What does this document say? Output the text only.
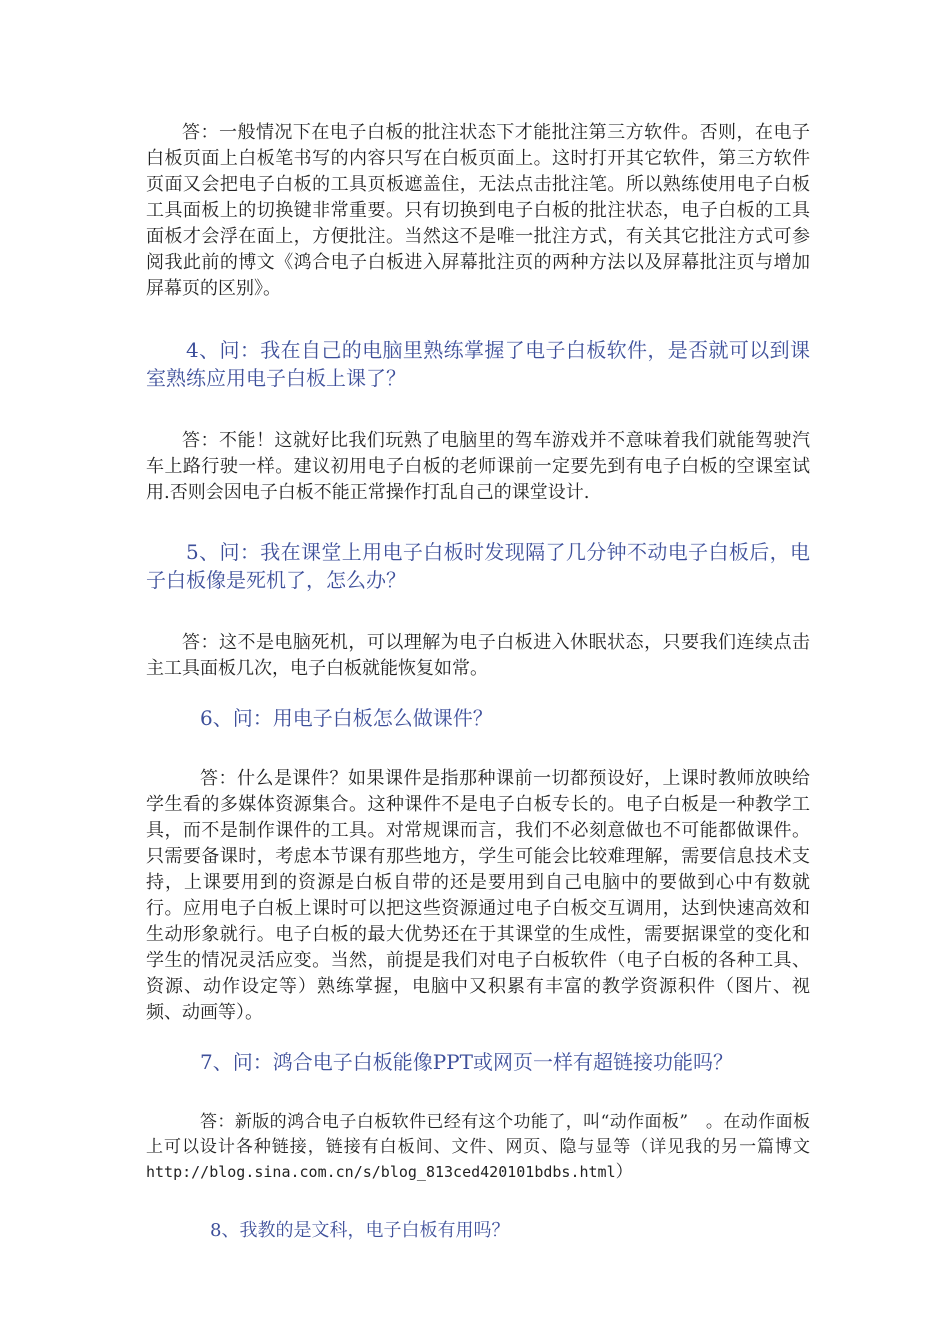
答：一般情况下在电子白板的批注状态下才能批注第三方软件。否则，在电子白板页面上白板笔书写的内容只写在白板页面上。这时打开其它软件，第三方软件页面又会把电子白板的工具页板遮盖住，无法点击批注笔。所以熟练使用电子白板工具面板上的切换键非常重要。只有切换到电子白板的批注状态，电子白板的工具面板才会浮在面上，方便批注。当然这不是唯一批注方式，有关其它批注方式可参阅我此前的博文《鸿合电子白板进入屏幕批注页的两种方法以及屏幕批注页与增加屏幕页的区别》。

4、问：我在自己的电脑里熟练掌握了电子白板软件，是否就可以到课室熟练应用电子白板上课了？

答：不能！这就好比我们玩熟了电脑里的驾车游戏并不意味着我们就能驾驶汽车上路行驶一样。建议初用电子白板的老师课前一定要先到有电子白板的空课室试用.否则会因电子白板不能正常操作打乱自己的课堂设计.

5、问：我在课堂上用电子白板时发现隔了几分钟不动电子白板后，电子白板像是死机了，怎么办？

答：这不是电脑死机，可以理解为电子白板进入休眠状态，只要我们连续点击主工具面板几次，电子白板就能恢复如常。

6、问：用电子白板怎么做课件？

答：什么是课件？如果课件是指那种课前一切都预设好，上课时教师放映给学生看的多媒体资源集合。这种课件不是电子白板专长的。电子白板是一种教学工具，而不是制作课件的工具。对常规课而言，我们不必刻意做也不可能都做课件。只需要备课时，考虑本节课有那些地方，学生可能会比较难理解，需要信息技术支持，上课要用到的资源是白板自带的还是要用到自己电脑中的要做到心中有数就行。应用电子白板上课时可以把这些资源通过电子白板交互调用，达到快速高效和生动形象就行。电子白板的最大优势还在于其课堂的生成性，需要据课堂的变化和学生的情况灵活应变。当然，前提是我们对电子白板软件（电子白板的各种工具、资源、动作设定等）熟练掌握，电脑中又积累有丰富的教学资源积件（图片、视频、动画等）。

7、问：鸿合电子白板能像PPT或网页一样有超链接功能吗？

答：新版的鸿合电子白板软件已经有这个功能了，叫“动作面板”　。在动作面板上可以设计各种链接，链接有白板间、文件、网页、隐与显等（详见我的另一篇博文http://blog.sina.com.cn/s/blog_813ced420101bdbs.html）

8、我教的是文科，电子白板有用吗？
